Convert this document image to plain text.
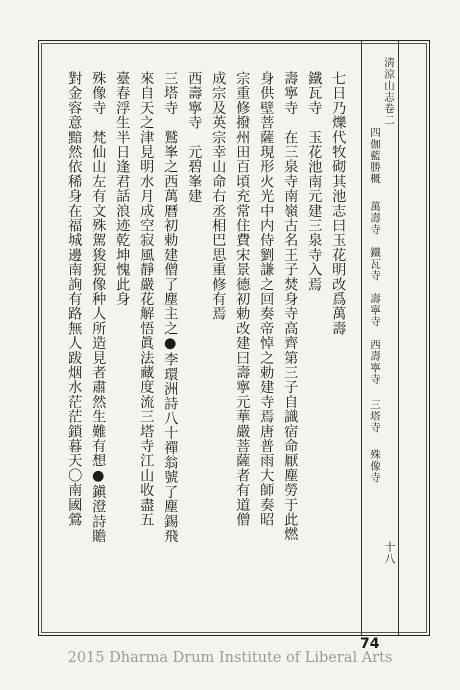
七日乃爍代牧砌其池志曰玉花明改爲萬壽
鐵瓦寺　玉花池南元建三泉寺入焉
壽寧寺　在三泉寺南嶺古名王子焚身寺高齊第三子自識宿命厭塵勞于此燃
身供壁菩薩現形火光中内侍劉謙之回奏帝悼之勅建寺焉唐普雨大師奏昭
宗重修撥州田百頃充常住費宋景德初勅改建曰壽寧元華嚴菩薩者有道僧
成宗及英宗幸山命右丞相巴思重修有焉
西壽寧寺　元碧峯建
三塔寺　鷲峯之西萬曆初勅建僧了塵主之●李環洲詩八十禪翁號了塵錫飛
來自天之津見明水月成空寂風靜嚴花解悟眞法藏度流三塔寺江山收盡五
臺春浮生半日逢君話浪迹乾坤愧此身
殊像寺　梵仙山左有文殊駕狻猊像种人所造見者肅然生難有想●鎭澄詩贍
對金容意黯然依稀身在福城邊南詢有路無人跋烟水茫茫鎖暮天〇南國鶯	淸涼山志卷二
四伽藍勝概
萬壽寺
鐵瓦寺
壽寧寺
西壽寧寺
三塔寺
殊像寺
十八
74
2015 Dharma Drum Institute of Liberal Arts
